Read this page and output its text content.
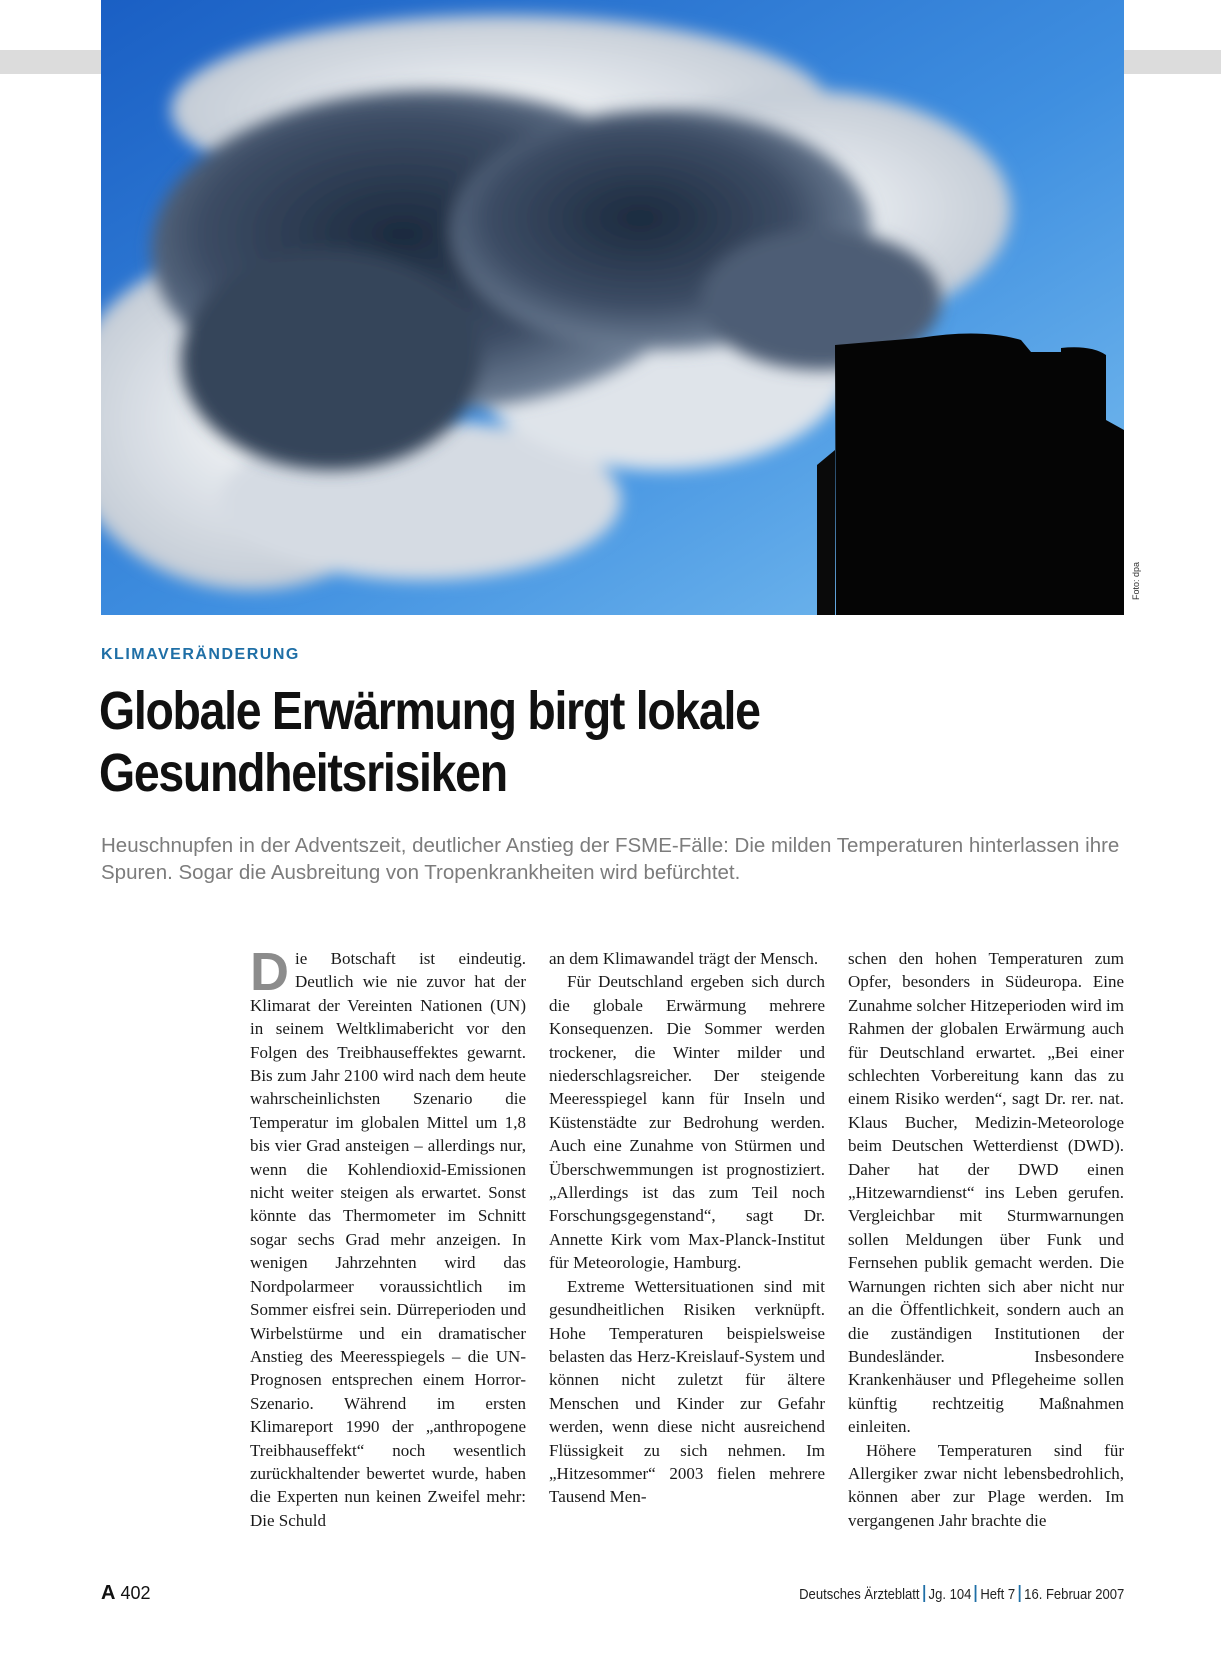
Foto: dpa
KLIMAVERÄNDERUNG
Globale Erwärmung birgt lokale Gesundheitsrisiken

Heuschnupfen in der Adventszeit, deutlicher Anstieg der FSME-Fälle: Die milden Temperaturen hinterlassen ihre Spuren. Sogar die Ausbreitung von Tropenkrankheiten wird befürchtet.

Die Botschaft ist eindeutig. Deutlich wie nie zuvor hat der Klimarat der Vereinten Nationen (UN) in seinem Weltklimabericht vor den Folgen des Treibhauseffektes gewarnt. Bis zum Jahr 2100 wird nach dem heute wahrscheinlichsten Szenario die Temperatur im globalen Mittel um 1,8 bis vier Grad ansteigen – allerdings nur, wenn die Kohlendioxid-Emissionen nicht weiter steigen als erwartet. Sonst könnte das Thermometer im Schnitt sogar sechs Grad mehr anzeigen. In wenigen Jahrzehnten wird das Nordpolarmeer voraussichtlich im Sommer eisfrei sein. Dürreperioden und Wirbelstürme und ein dramatischer Anstieg des Meeresspiegels – die UN-Prognosen entsprechen einem Horror-Szenario. Während im ersten Klimareport 1990 der „anthropogene Treibhauseffekt“ noch wesentlich zurückhaltender bewertet wurde, haben die Experten nun keinen Zweifel mehr: Die Schuld

an dem Klimawandel trägt der Mensch.

Für Deutschland ergeben sich durch die globale Erwärmung mehrere Konsequenzen. Die Sommer werden trockener, die Winter milder und niederschlagsreicher. Der steigende Meeresspiegel kann für Inseln und Küstenstädte zur Bedrohung werden. Auch eine Zunahme von Stürmen und Überschwemmungen ist prognostiziert. „Allerdings ist das zum Teil noch Forschungsgegenstand“, sagt Dr. Annette Kirk vom Max-Planck-Institut für Meteorologie, Hamburg.

Extreme Wettersituationen sind mit gesundheitlichen Risiken verknüpft. Hohe Temperaturen beispielsweise belasten das Herz-Kreislauf-System und können nicht zuletzt für ältere Menschen und Kinder zur Gefahr werden, wenn diese nicht ausreichend Flüssigkeit zu sich nehmen. Im „Hitzesommer“ 2003 fielen mehrere Tausend Men-

schen den hohen Temperaturen zum Opfer, besonders in Südeuropa. Eine Zunahme solcher Hitzeperioden wird im Rahmen der globalen Erwärmung auch für Deutschland erwartet. „Bei einer schlechten Vorbereitung kann das zu einem Risiko werden“, sagt Dr. rer. nat. Klaus Bucher, Medizin-Meteorologe beim Deutschen Wetterdienst (DWD). Daher hat der DWD einen „Hitzewarndienst“ ins Leben gerufen. Vergleichbar mit Sturmwarnungen sollen Meldungen über Funk und Fernsehen publik gemacht werden. Die Warnungen richten sich aber nicht nur an die Öffentlichkeit, sondern auch an die zuständigen Institutionen der Bundesländer. Insbesondere Krankenhäuser und Pflegeheime sollen künftig rechtzeitig Maßnahmen einleiten.

Höhere Temperaturen sind für Allergiker zwar nicht lebensbedrohlich, können aber zur Plage werden. Im vergangenen Jahr brachte die

A 402	Deutsches Ärzteblatt Jg. 104 Heft 7 16. Februar 2007
